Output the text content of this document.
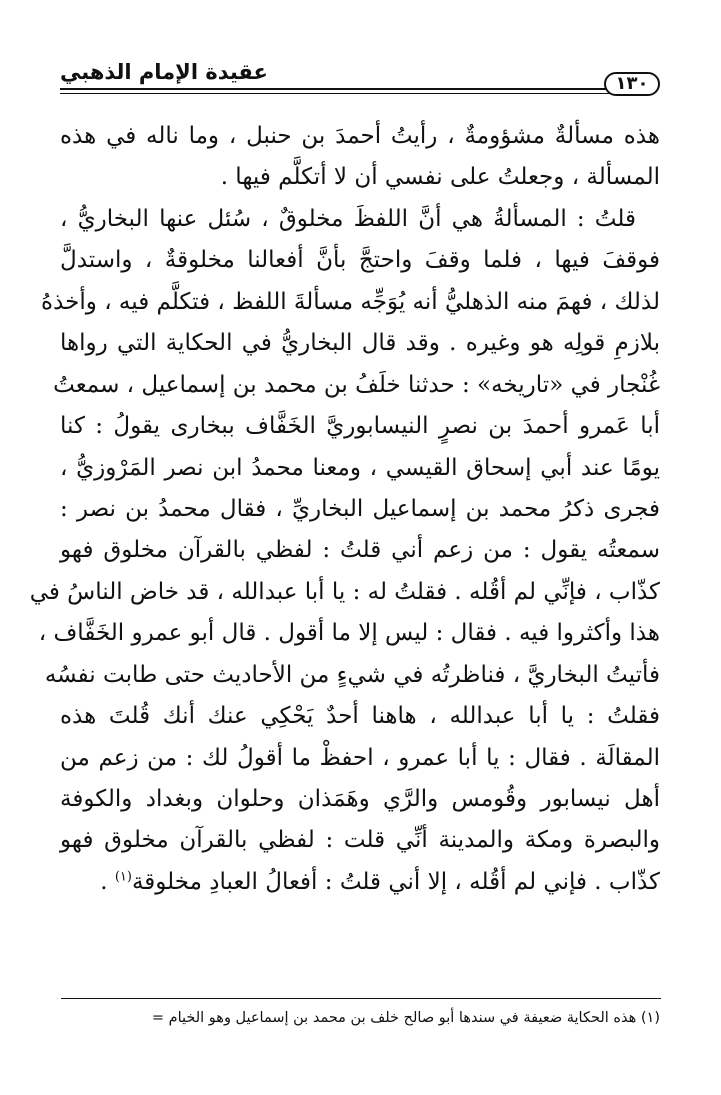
١٣٠
عقيدة الإمام الذهبي
هذه مسألةٌ مشؤومةٌ ، رأيتُ أحمدَ بن حنبل ، وما ناله في هذه
المسألة ، وجعلتُ على نفسي أن لا أتكلَّم فيها .
قلتُ : المسألةُ هي أنَّ اللفظَ مخلوقٌ ، سُئل عنها البخاريُّ ،
فوقفَ فيها ، فلما وقفَ واحتجَّ بأنَّ أفعالنا مخلوقةٌ ، واستدلَّ
لذلك ، فهمَ منه الذهليُّ أنه يُوَجِّه مسألةَ اللفظ ، فتكلَّم فيه ، وأخذهُ
بلازمِ قولِه هو وغيره . وقد قال البخاريُّ في الحكاية التي رواها
غُنْجار في «تاريخه» : حدثنا خلَفُ بن محمد بن إسماعيل ، سمعتُ
أبا عَمرو أحمدَ بن نصرٍ النيسابوريَّ الخَفَّاف ببخارى يقولُ : كنا
يومًا عند أبي إسحاق القيسي ، ومعنا محمدُ ابن نصر المَرْوزيُّ ،
فجرى ذكرُ محمد بن إسماعيل البخاريِّ ، فقال محمدُ بن نصر :
سمعتُه يقول : من زعم أني قلتُ : لفظي بالقرآن مخلوق فهو
كذّاب ، فإنِّي لم أقُله . فقلتُ له : يا أبا عبدالله ، قد خاض الناسُ في
هذا وأكثروا فيه . فقال : ليس إلا ما أقول . قال أبو عمرو الخَفَّاف ،
فأتيتُ البخاريَّ ، فناظرتُه في شيءٍ من الأحاديث حتى طابت نفسُه
فقلتُ : يا أبا عبدالله ، هاهنا أحدٌ يَحْكِي عنك أنك قُلتَ هذه
المقالَة . فقال : يا أبا عمرو ، احفظْ ما أقولُ لك : من زعم من
أهل نيسابور وقُومس والرَّي وهَمَذان وحلوان وبغداد والكوفة
والبصرة ومكة والمدينة أنِّي قلت : لفظي بالقرآن مخلوق فهو
كذّاب . فإني لم أقُله ، إلا أني قلتُ : أفعالُ العبادِ مخلوقة$^{(١)}$ .
(١) هذه الحكاية ضعيفة في سندها أبو صالح خلف بن محمد بن إسماعيل وهو الخيام =
